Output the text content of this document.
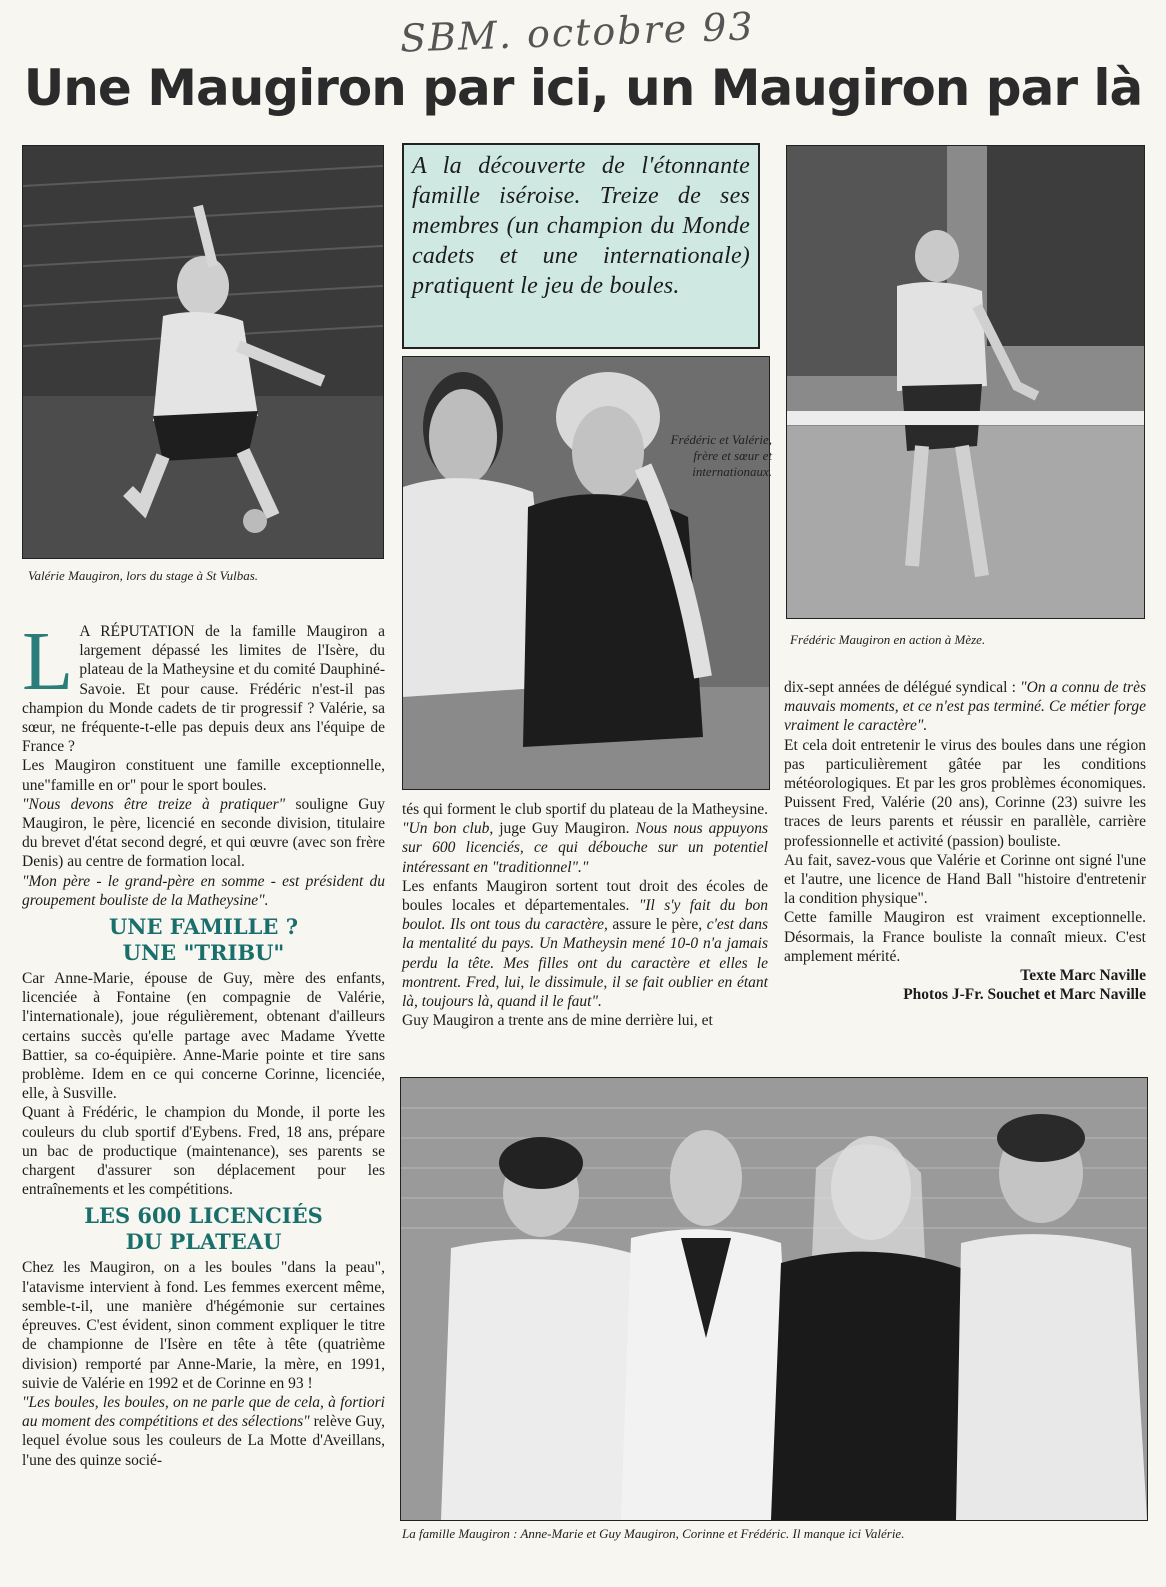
SBM. octobre 93
Une Maugiron par ici, un Maugiron par là
Valérie Maugiron, lors du stage à St Vulbas.
A la découverte de l'étonnante famille iséroise. Treize de ses membres (un champion du Monde cadets et une internationale) pratiquent le jeu de boules.
Frédéric et Valérie, frère et sœur et internationaux.
Frédéric Maugiron en action à Mèze.

L A RÉPUTATION de la famille Maugiron a largement dépassé les limites de l'Isère, du plateau de la Matheysine et du comité Dauphiné-Savoie. Et pour cause. Frédéric n'est-il pas champion du Monde cadets de tir progressif ? Valérie, sa sœur, ne fréquente-t-elle pas depuis deux ans l'équipe de France ?

Les Maugiron constituent une famille exceptionnelle, une"famille en or" pour le sport boules.

"Nous devons être treize à pratiquer" souligne Guy Maugiron, le père, licencié en seconde division, titulaire du brevet d'état second degré, et qui œuvre (avec son frère Denis) au centre de formation local.

"Mon père - le grand-père en somme - est président du groupement bouliste de la Matheysine".

UNE FAMILLE ?
UNE "TRIBU"

Car Anne-Marie, épouse de Guy, mère des enfants, licenciée à Fontaine (en compagnie de Valérie, l'internationale), joue régulièrement, obtenant d'ailleurs certains succès qu'elle partage avec Madame Yvette Battier, sa co-équipière. Anne-Marie pointe et tire sans problème. Idem en ce qui concerne Corinne, licenciée, elle, à Susville.

Quant à Frédéric, le champion du Monde, il porte les couleurs du club sportif d'Eybens. Fred, 18 ans, prépare un bac de productique (maintenance), ses parents se chargent d'assurer son déplacement pour les entraînements et les compétitions.

LES 600 LICENCIÉS
DU PLATEAU

Chez les Maugiron, on a les boules "dans la peau", l'atavisme intervient à fond. Les femmes exercent même, semble-t-il, une manière d'hégémonie sur certaines épreuves. C'est évident, sinon comment expliquer le titre de championne de l'Isère en tête à tête (quatrième division) remporté par Anne-Marie, la mère, en 1991, suivie de Valérie en 1992 et de Corinne en 93 !

"Les boules, les boules, on ne parle que de cela, à fortiori au moment des compétitions et des sélections" relève Guy, lequel évolue sous les couleurs de La Motte d'Aveillans, l'une des quinze socié-

tés qui forment le club sportif du plateau de la Matheysine. "Un bon club, juge Guy Maugiron. Nous nous appuyons sur 600 licenciés, ce qui débouche sur un potentiel intéressant en "traditionnel"."

Les enfants Maugiron sortent tout droit des écoles de boules locales et départementales. "Il s'y fait du bon boulot. Ils ont tous du caractère, assure le père, c'est dans la mentalité du pays. Un Matheysin mené 10-0 n'a jamais perdu la tête. Mes filles ont du caractère et elles le montrent. Fred, lui, le dissimule, il se fait oublier en étant là, toujours là, quand il le faut".

Guy Maugiron a trente ans de mine derrière lui, et

dix-sept années de délégué syndical : "On a connu de très mauvais moments, et ce n'est pas terminé. Ce métier forge vraiment le caractère".

Et cela doit entretenir le virus des boules dans une région pas particulièrement gâtée par les conditions météorologiques. Et par les gros problèmes économiques. Puissent Fred, Valérie (20 ans), Corinne (23) suivre les traces de leurs parents et réussir en parallèle, carrière professionnelle et activité (passion) bouliste.

Au fait, savez-vous que Valérie et Corinne ont signé l'une et l'autre, une licence de Hand Ball "histoire d'entretenir la condition physique".

Cette famille Maugiron est vraiment exceptionnelle. Désormais, la France bouliste la connaît mieux. C'est amplement mérité.

Texte Marc Naville
Photos J-Fr. Souchet et Marc Naville
La famille Maugiron : Anne-Marie et Guy Maugiron, Corinne et Frédéric. Il manque ici Valérie.
